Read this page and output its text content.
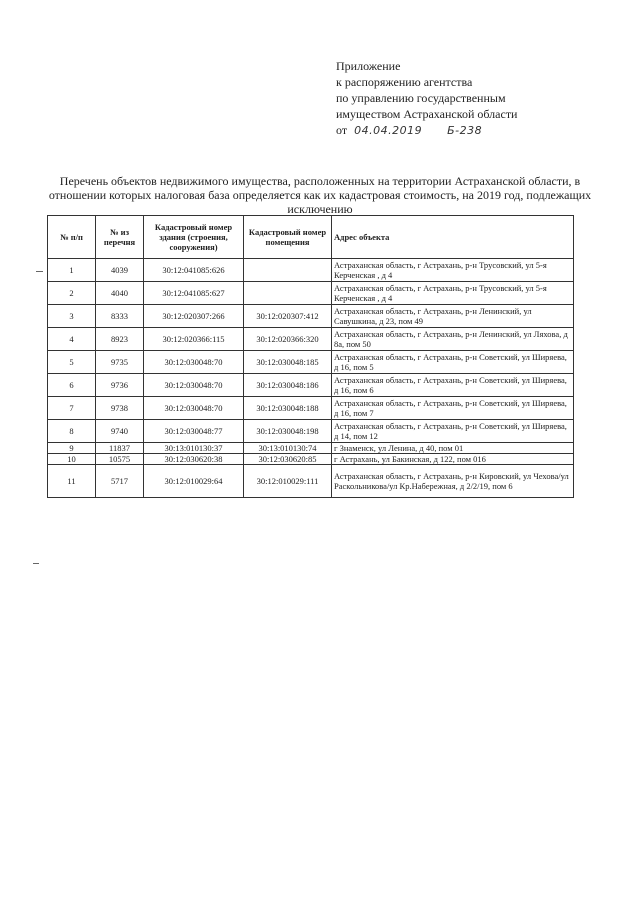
Приложение
к распоряжению агентства
по управлению государственным
имуществом Астраханской области
от 04.04.2019 Б-238
Перечень объектов недвижимого имущества, расположенных на территории Астраханской области, в отношении которых налоговая база определяется как их кадастровая стоимость, на 2019 год, подлежащих исключению
№ п/п	№ из перечня	Кадастровый номер здания (строения, сооружения)	Кадастровый номер помещения	Адрес объекта
1	4039	30:12:041085:626		Астраханская область, г Астрахань, р-н Трусовский, ул 5-я Керченская , д 4
2	4040	30:12:041085:627		Астраханская область, г Астрахань, р-н Трусовский, ул 5-я Керченская , д 4
3	8333	30:12:020307:266	30:12:020307:412	Астраханская область, г Астрахань, р-н Ленинский, ул Савушкина, д 23, пом 49
4	8923	30:12:020366:115	30:12:020366:320	Астраханская область, г Астрахань, р-н Ленинский, ул Ляхова, д 8а, пом 50
5	9735	30:12:030048:70	30:12:030048:185	Астраханская область, г Астрахань, р-н Советский, ул Ширяева, д 16, пом 5
6	9736	30:12:030048:70	30:12:030048:186	Астраханская область, г Астрахань, р-н Советский, ул Ширяева, д 16, пом 6
7	9738	30:12:030048:70	30:12:030048:188	Астраханская область, г Астрахань, р-н Советский, ул Ширяева, д 16, пом 7
8	9740	30:12:030048:77	30:12:030048:198	Астраханская область, г Астрахань, р-н Советский, ул Ширяева, д 14, пом 12
9	11837	30:13:010130:37	30:13:010130:74	г Знаменск, ул Ленина, д 40, пом 01
10	10575	30:12:030620:38	30:12:030620:85	г Астрахань, ул Бакинская, д 122, пом 016
11	5717	30:12:010029:64	30:12:010029:111	Астраханская область, г Астрахань, р-н Кировский, ул Чехова/ул Раскольникова/ул Кр.Набережная, д 2/2/19, пом 6
